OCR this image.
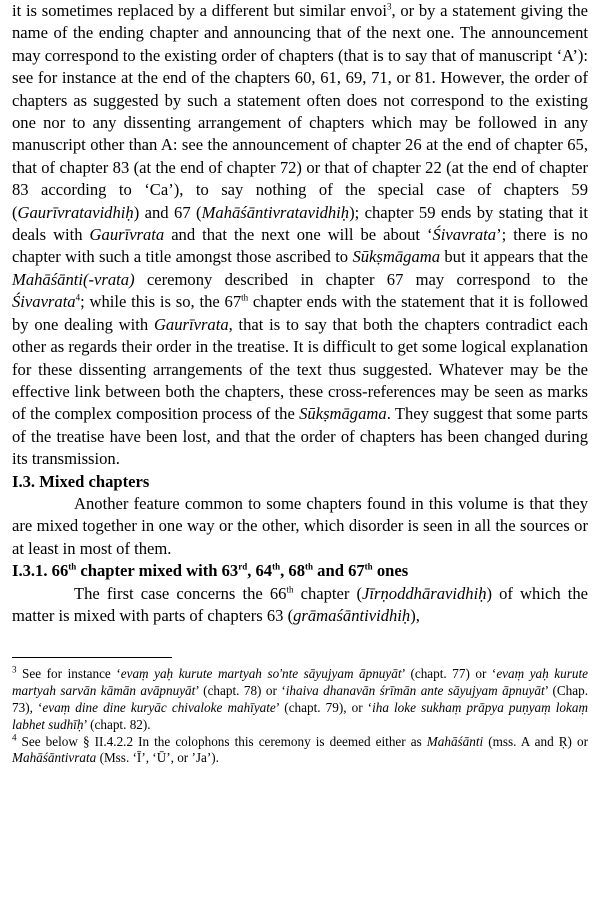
it is sometimes replaced by a different but similar envoi$^3$, or by a statement giving the name of the ending chapter and announcing that of the next one. The announcement may correspond to the existing order of chapters (that is to say that of manuscript ‘A’): see for instance at the end of the chapters 60, 61, 69, 71, or 81. However, the order of chapters as suggested by such a statement often does not correspond to the existing one nor to any dissenting arrangement of chapters which may be followed in any manuscript other than A: see the announcement of chapter 26 at the end of chapter 65, that of chapter 83 (at the end of chapter 72) or that of chapter 22 (at the end of chapter 83 according to ‘Ca’), to say nothing of the special case of chapters 59 (Gaurīvratavidhiḥ) and 67 (Mahāśāntivratavidhiḥ); chapter 59 ends by stating that it deals with Gaurīvrata and that the next one will be about ‘Śivavrata’; there is no chapter with such a title amongst those ascribed to Sūkṣmāgama but it appears that the Mahāśānti(-vrata) ceremony described in chapter 67 may correspond to the Śivavrata$^4$; while this is so, the 67th chapter ends with the statement that it is followed by one dealing with Gaurīvrata, that is to say that both the chapters contradict each other as regards their order in the treatise. It is difficult to get some logical explanation for these dissenting arrangements of the text thus suggested. Whatever may be the effective link between both the chapters, these cross-references may be seen as marks of the complex composition process of the Sūkṣmāgama. They suggest that some parts of the treatise have been lost, and that the order of chapters has been changed during its transmission.

I.3. Mixed chapters

Another feature common to some chapters found in this volume is that they are mixed together in one way or the other, which disorder is seen in all the sources or at least in most of them.

I.3.1. 66th chapter mixed with 63rd, 64th, 68th and 67th ones

The first case concerns the 66th chapter (Jīrṇoddhāravidhiḥ) of which the matter is mixed with parts of chapters 63 (grāmaśāntividhiḥ),

$^3$ See for instance ‘evaṃ yaḥ kurute martyah so'nte sāyujyam āpnuyāt’ (chapt. 77) or ‘evaṃ yaḥ kurute martyah sarvān kāmān avāpnuyāt’ (chapt. 78) or ‘ihaiva dhanavān śrīmān ante sāyujyam āpnuyāt’ (Chap. 73), ‘evaṃ dine dine kuryāc chivaloke mahīyate’ (chapt. 79), or ‘iha loke sukhaṃ prāpya puṇyaṃ lokaṃ labhet sudhīḥ’ (chapt. 82).

$^4$ See below § II.4.2.2 In the colophons this ceremony is deemed either as Mahāśānti (mss. A and Ṛ) or Mahāśāntivrata (Mss. ‘Ī’, ‘Ū’, or ’Ja’).
